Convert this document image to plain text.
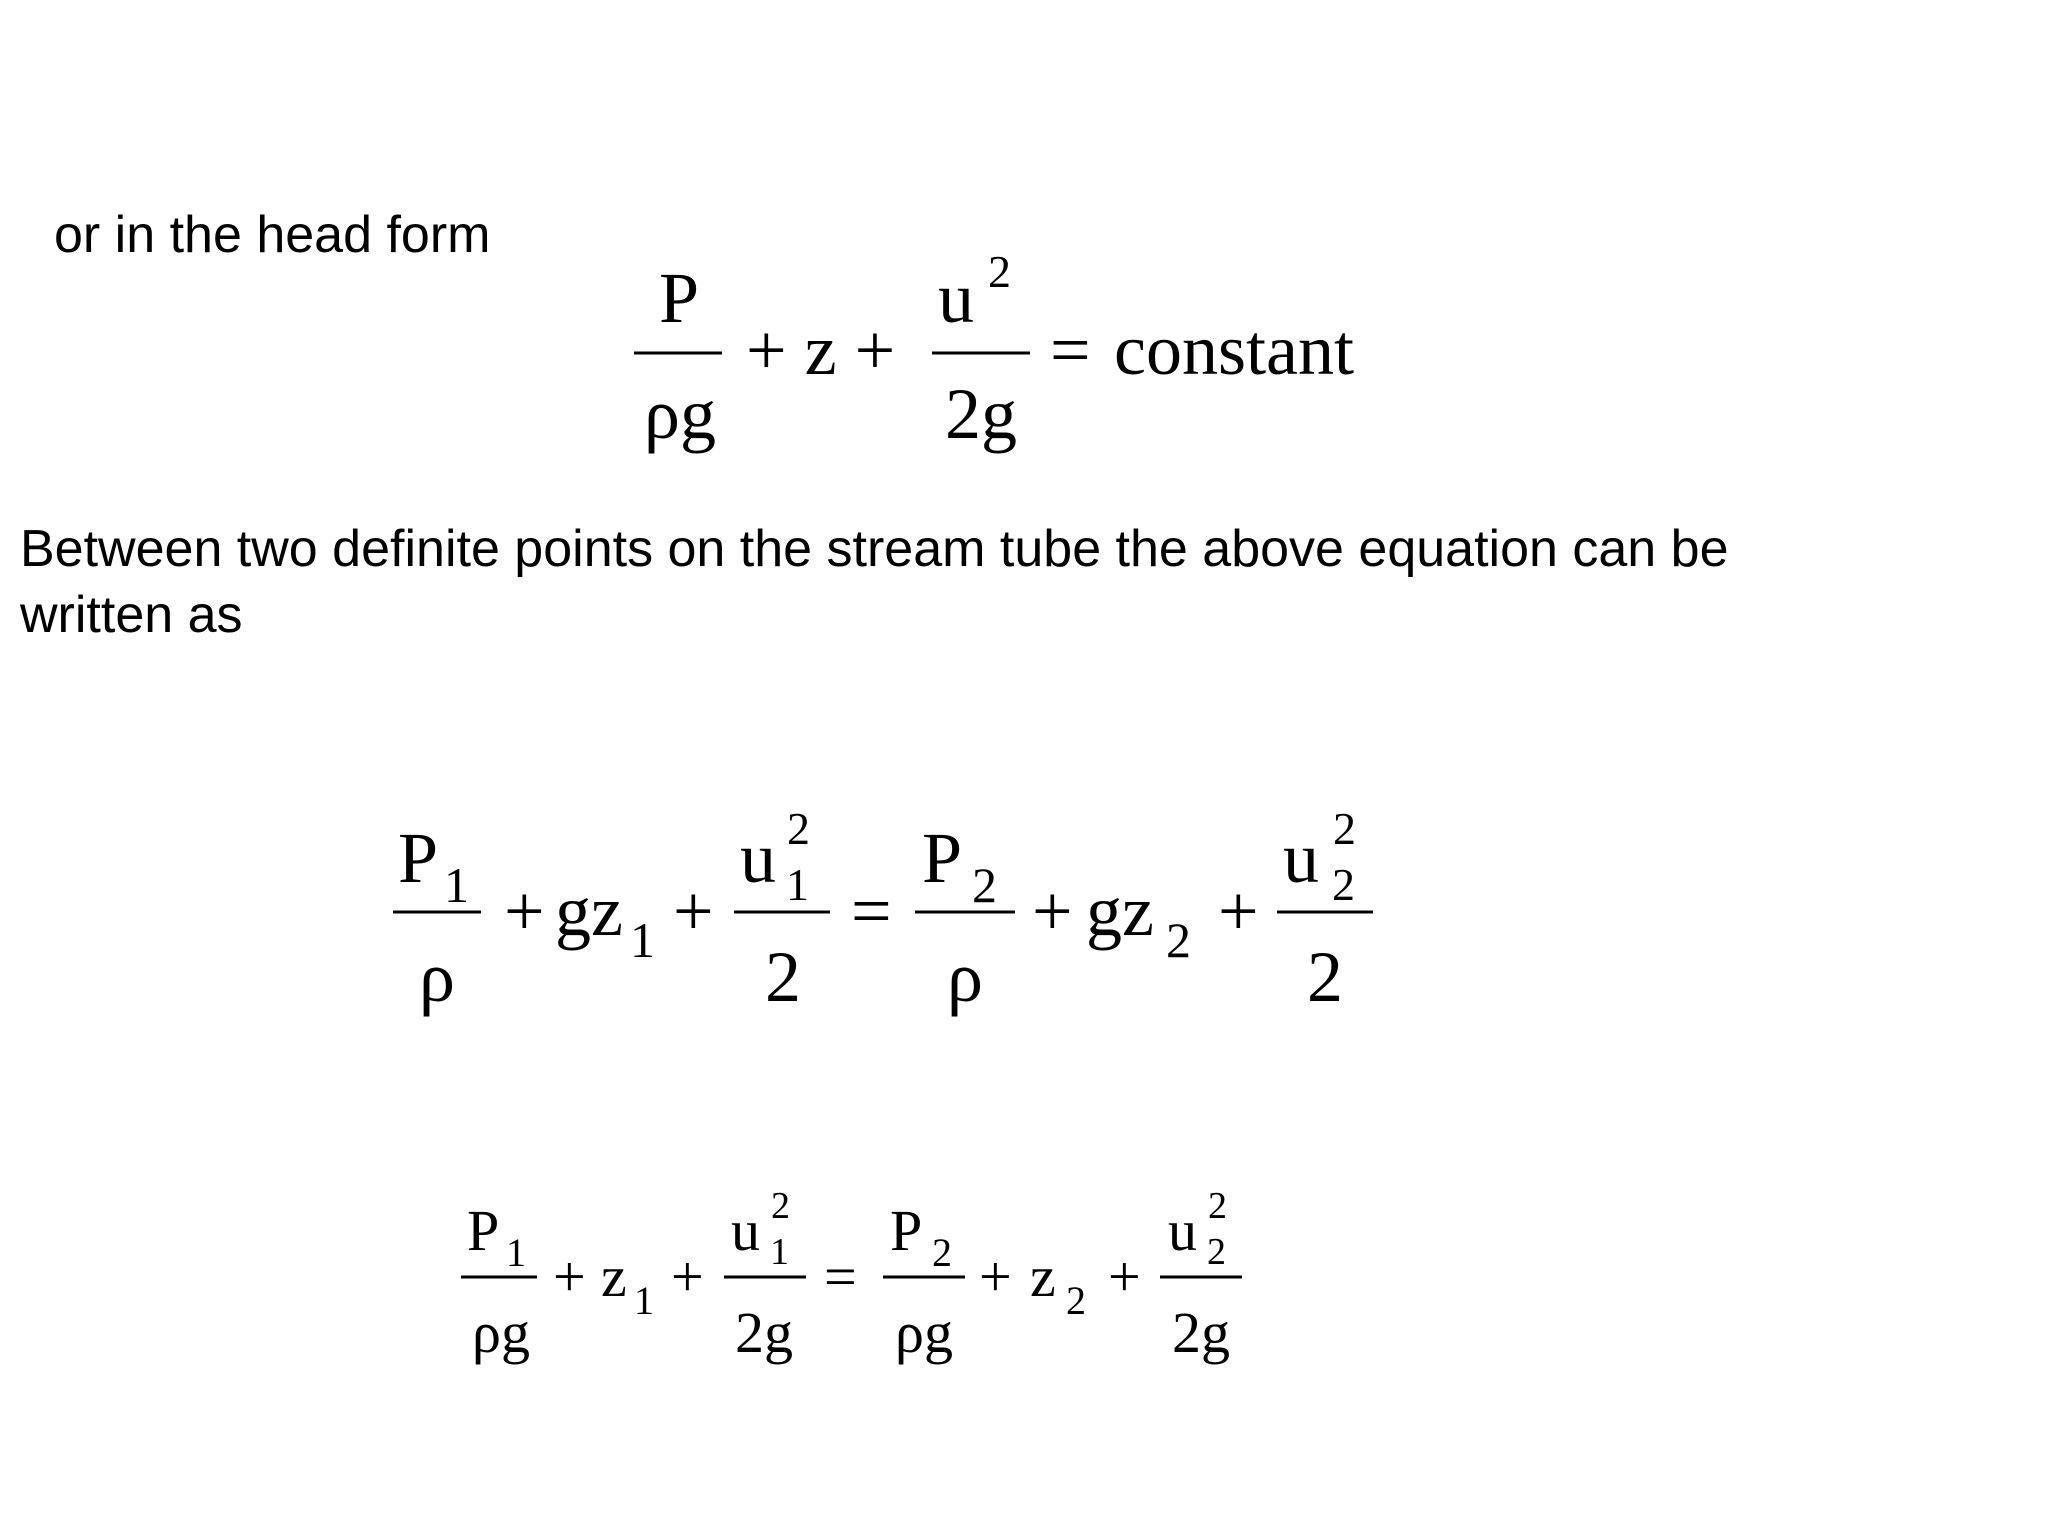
or in the head form

P
ρg
+ z +
u 2
2g
= constant

Between two definite points on the stream tube the above equation can be
written as

P 1
ρ
+ gz 1 +
u 2
1
2
=
P 2
ρ
+ gz 2 +
u 2
2
2
P 1
ρg
+ z 1 +
u 2
1
2g
=
P 2
ρg
+ z 2 +
u 2
2
2g
